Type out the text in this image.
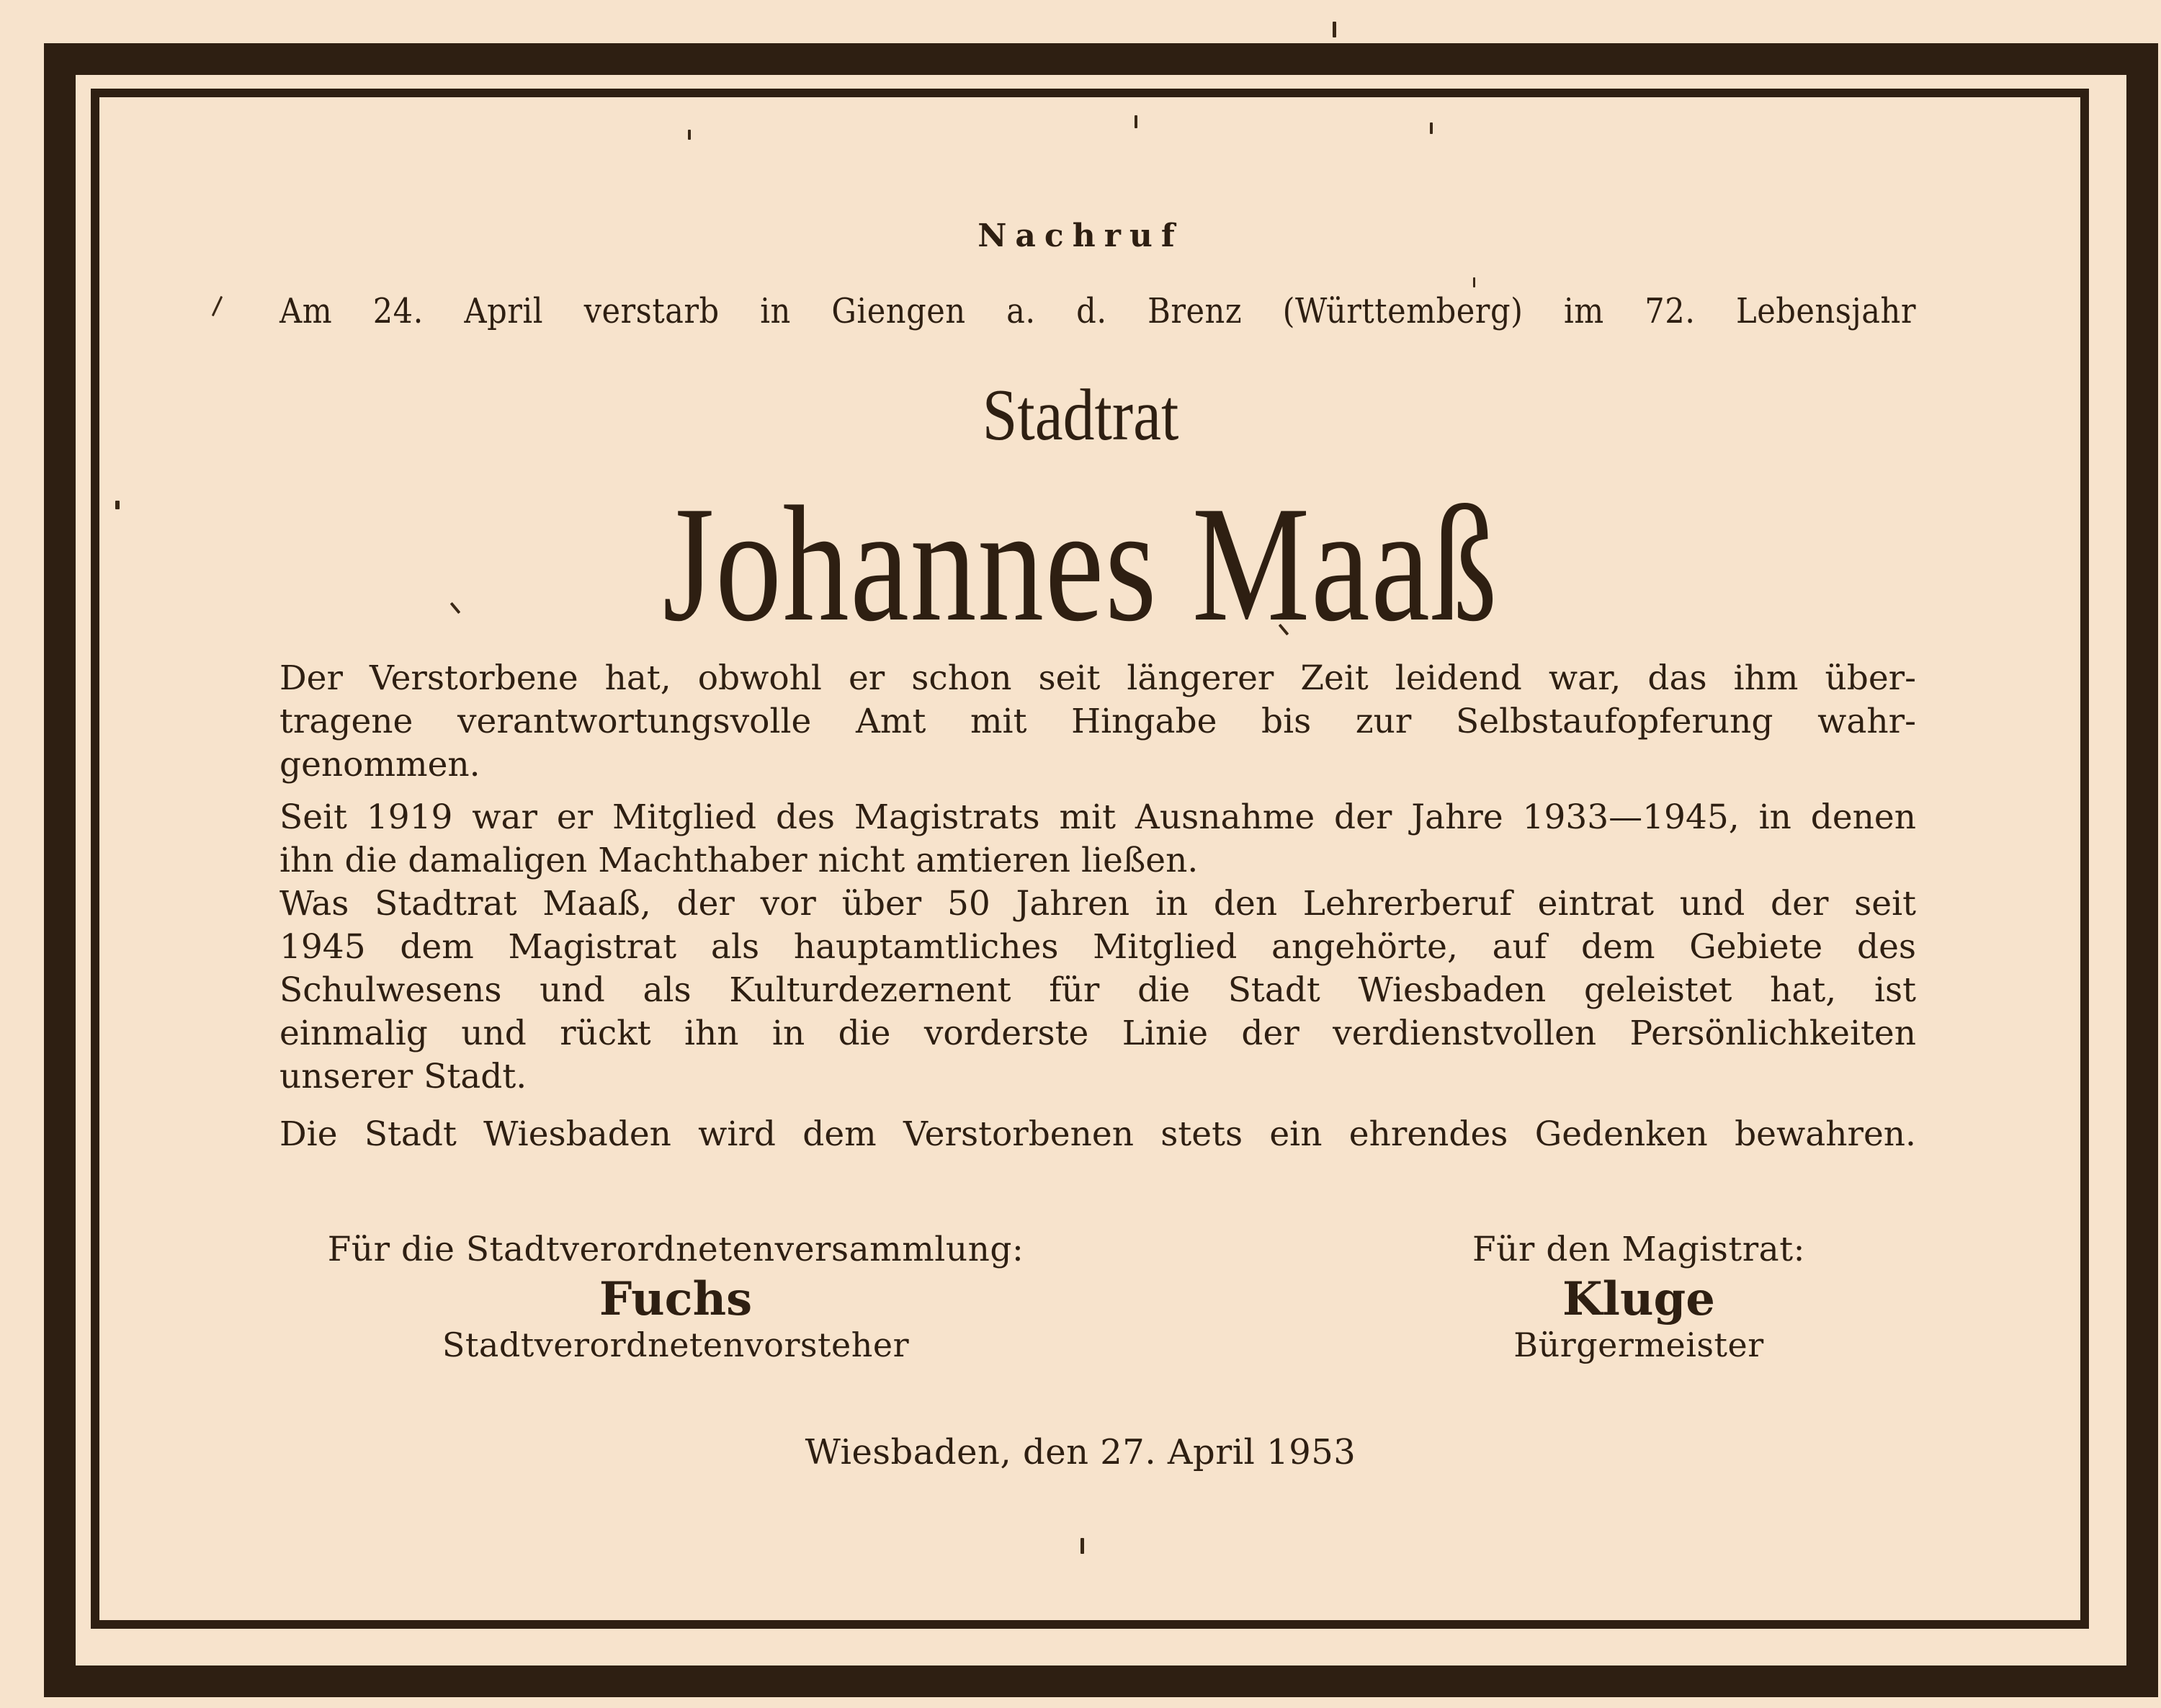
Nachruf
Am 24. April verstarb in Giengen a. d. Brenz (Württemberg) im 72. Lebensjahr
Stadtrat
Johannes Maaß
Der Verstorbene hat, obwohl er schon seit längerer Zeit leidend war, das ihm über-
tragene verantwortungsvolle Amt mit Hingabe bis zur Selbstaufopferung wahr-
genommen.
Seit 1919 war er Mitglied des Magistrats mit Ausnahme der Jahre 1933—1945, in denen
ihn die damaligen Machthaber nicht amtieren ließen.
Was Stadtrat Maaß, der vor über 50 Jahren in den Lehrerberuf eintrat und der seit
1945 dem Magistrat als hauptamtliches Mitglied angehörte, auf dem Gebiete des
Schulwesens und als Kulturdezernent für die Stadt Wiesbaden geleistet hat, ist
einmalig und rückt ihn in die vorderste Linie der verdienstvollen Persönlichkeiten
unserer Stadt.
Die Stadt Wiesbaden wird dem Verstorbenen stets ein ehrendes Gedenken bewahren.
Für die Stadtverordnetenversammlung:
Fuchs
Stadtverordnetenvorsteher
Für den Magistrat:
Kluge
Bürgermeister
Wiesbaden, den 27. April 1953
